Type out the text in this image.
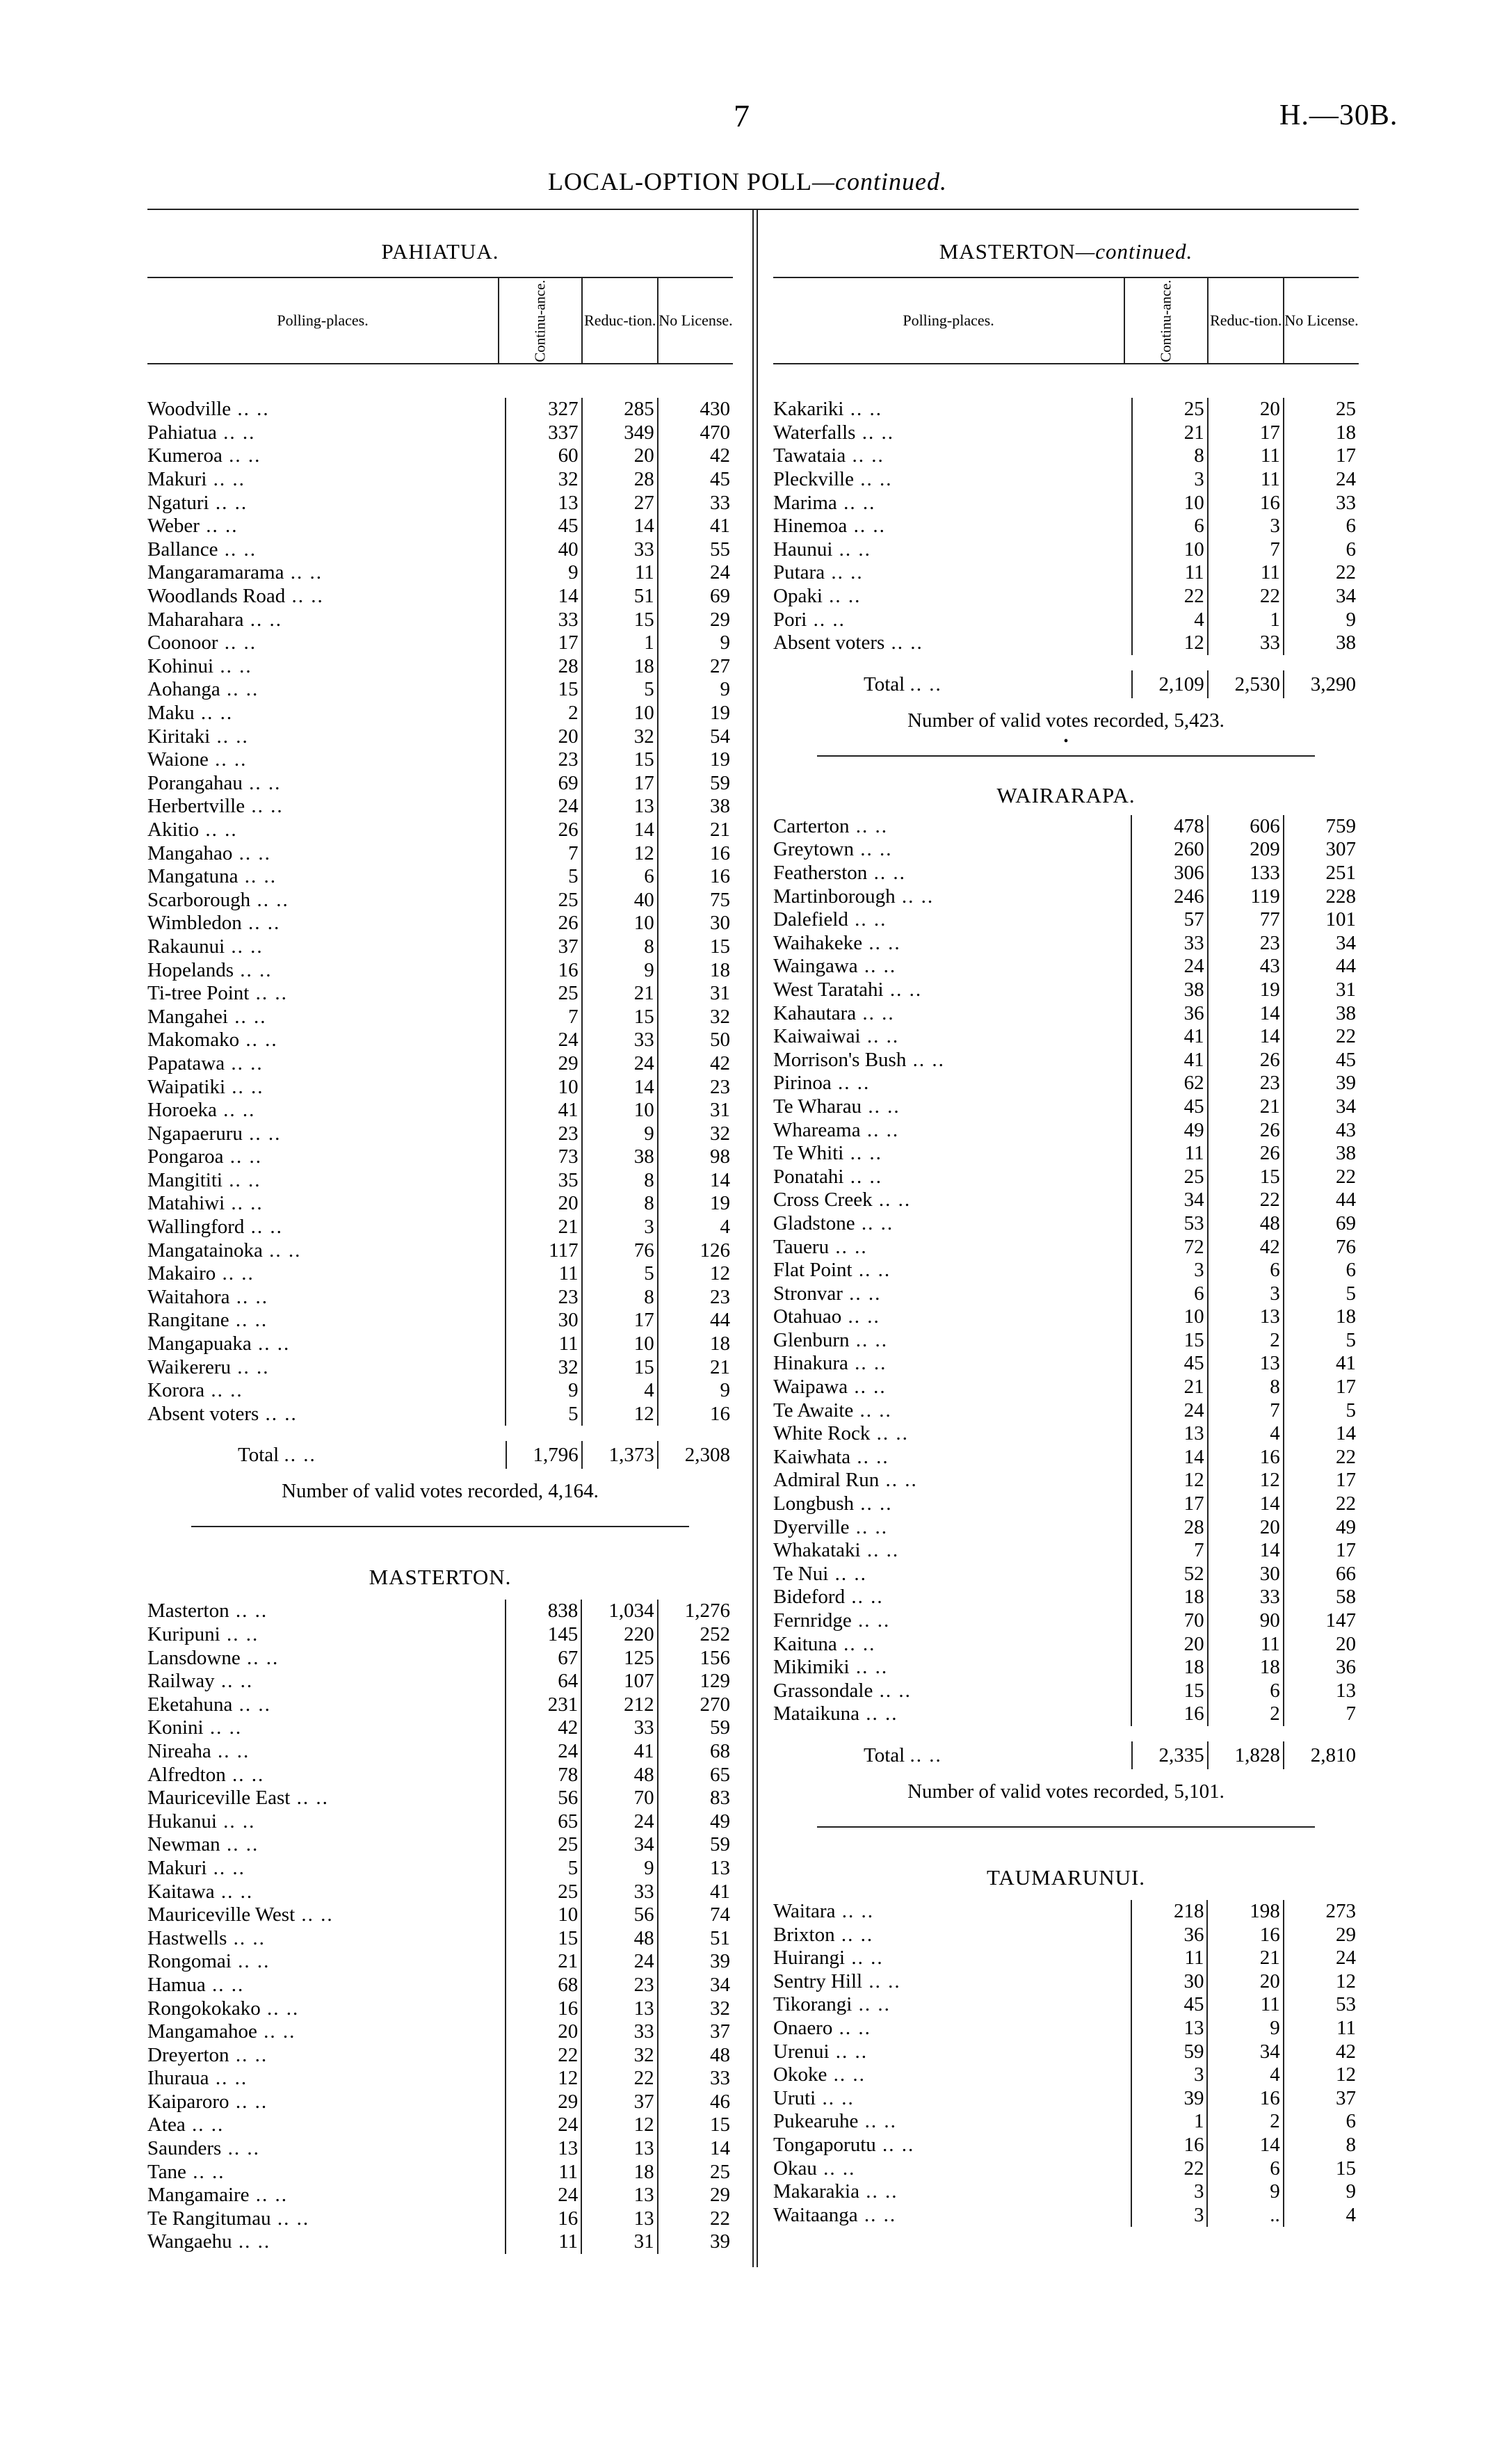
7	H.—30B.
LOCAL-OPTION POLL—continued.
PAHIATUA.
Polling-places.	Continu-ance.	Reduc-tion.	No License.
Woodville .. ..	327	285	430
Pahiatua .. ..	337	349	470
Kumeroa .. ..	60	20	42
Makuri .. ..	32	28	45
Ngaturi .. ..	13	27	33
Weber .. ..	45	14	41
Ballance .. ..	40	33	55
Mangaramarama .. ..	9	11	24
Woodlands Road .. ..	14	51	69
Maharahara .. ..	33	15	29
Coonoor .. ..	17	1	9
Kohinui .. ..	28	18	27
Aohanga .. ..	15	5	9
Maku .. ..	2	10	19
Kiritaki .. ..	20	32	54
Waione .. ..	23	15	19
Porangahau .. ..	69	17	59
Herbertville .. ..	24	13	38
Akitio .. ..	26	14	21
Mangahao .. ..	7	12	16
Mangatuna .. ..	5	6	16
Scarborough .. ..	25	40	75
Wimbledon .. ..	26	10	30
Rakaunui .. ..	37	8	15
Hopelands .. ..	16	9	18
Ti-tree Point .. ..	25	21	31
Mangahei .. ..	7	15	32
Makomako .. ..	24	33	50
Papatawa .. ..	29	24	42
Waipatiki .. ..	10	14	23
Horoeka .. ..	41	10	31
Ngapaeruru .. ..	23	9	32
Pongaroa .. ..	73	38	98
Mangititi .. ..	35	8	14
Matahiwi .. ..	20	8	19
Wallingford .. ..	21	3	4
Mangatainoka .. ..	117	76	126
Makairo .. ..	11	5	12
Waitahora .. ..	23	8	23
Rangitane .. ..	30	17	44
Mangapuaka .. ..	11	10	18
Waikereru .. ..	32	15	21
Korora .. ..	9	4	9
Absent voters .. ..	5	12	16
Total .. ..	1,796	1,373	2,308
Number of valid votes recorded, 4,164.
MASTERTON.
Masterton .. ..	838	1,034	1,276
Kuripuni .. ..	145	220	252
Lansdowne .. ..	67	125	156
Railway .. ..	64	107	129
Eketahuna .. ..	231	212	270
Konini .. ..	42	33	59
Nireaha .. ..	24	41	68
Alfredton .. ..	78	48	65
Mauriceville East .. ..	56	70	83
Hukanui .. ..	65	24	49
Newman .. ..	25	34	59
Makuri .. ..	5	9	13
Kaitawa .. ..	25	33	41
Mauriceville West .. ..	10	56	74
Hastwells .. ..	15	48	51
Rongomai .. ..	21	24	39
Hamua .. ..	68	23	34
Rongokokako .. ..	16	13	32
Mangamahoe .. ..	20	33	37
Dreyerton .. ..	22	32	48
Ihuraua .. ..	12	22	33
Kaiparoro .. ..	29	37	46
Atea .. ..	24	12	15
Saunders .. ..	13	13	14
Tane .. ..	11	18	25
Mangamaire .. ..	24	13	29
Te Rangitumau .. ..	16	13	22
Wangaehu .. ..	11	31	39
MASTERTON—continued.
Polling-places.	Continu-ance.	Reduc-tion.	No License.
Kakariki .. ..	25	20	25
Waterfalls .. ..	21	17	18
Tawataia .. ..	8	11	17
Pleckville .. ..	3	11	24
Marima .. ..	10	16	33
Hinemoa .. ..	6	3	6
Haunui .. ..	10	7	6
Putara .. ..	11	11	22
Opaki .. ..	22	22	34
Pori .. ..	4	1	9
Absent voters .. ..	12	33	38
Total .. ..	2,109	2,530	3,290
Number of valid votes recorded, 5,423.
•
WAIRARAPA.
Carterton .. ..	478	606	759
Greytown .. ..	260	209	307
Featherston .. ..	306	133	251
Martinborough .. ..	246	119	228
Dalefield .. ..	57	77	101
Waihakeke .. ..	33	23	34
Waingawa .. ..	24	43	44
West Taratahi .. ..	38	19	31
Kahautara .. ..	36	14	38
Kaiwaiwai .. ..	41	14	22
Morrison's Bush .. ..	41	26	45
Pirinoa .. ..	62	23	39
Te Wharau .. ..	45	21	34
Whareama .. ..	49	26	43
Te Whiti .. ..	11	26	38
Ponatahi .. ..	25	15	22
Cross Creek .. ..	34	22	44
Gladstone .. ..	53	48	69
Taueru .. ..	72	42	76
Flat Point .. ..	3	6	6
Stronvar .. ..	6	3	5
Otahuao .. ..	10	13	18
Glenburn .. ..	15	2	5
Hinakura .. ..	45	13	41
Waipawa .. ..	21	8	17
Te Awaite .. ..	24	7	5
White Rock .. ..	13	4	14
Kaiwhata .. ..	14	16	22
Admiral Run .. ..	12	12	17
Longbush .. ..	17	14	22
Dyerville .. ..	28	20	49
Whakataki .. ..	7	14	17
Te Nui .. ..	52	30	66
Bideford .. ..	18	33	58
Fernridge .. ..	70	90	147
Kaituna .. ..	20	11	20
Mikimiki .. ..	18	18	36
Grassondale .. ..	15	6	13
Mataikuna .. ..	16	2	7
Total .. ..	2,335	1,828	2,810
Number of valid votes recorded, 5,101.
TAUMARUNUI.
Waitara .. ..	218	198	273
Brixton .. ..	36	16	29
Huirangi .. ..	11	21	24
Sentry Hill .. ..	30	20	12
Tikorangi .. ..	45	11	53
Onaero .. ..	13	9	11
Urenui .. ..	59	34	42
Okoke .. ..	3	4	12
Uruti .. ..	39	16	37
Pukearuhe .. ..	1	2	6
Tongaporutu .. ..	16	14	8
Okau .. ..	22	6	15
Makarakia .. ..	3	9	9
Waitaanga .. ..	3	..	4
